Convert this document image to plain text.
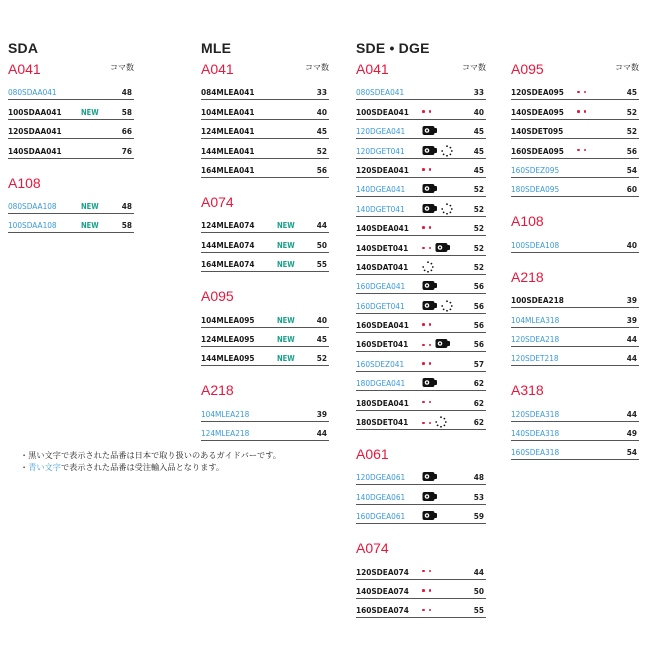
SDA
A041	コマ数
080SDAA041	48
100SDAA041	NEW	58
120SDAA041	66
140SDAA041	76
A108
080SDAA108	NEW	48
100SDAA108	NEW	58
MLE
A041	コマ数
084MLEA041	33
104MLEA041	40
124MLEA041	45
144MLEA041	52
164MLEA041	56
A074
124MLEA074	NEW	44
144MLEA074	NEW	50
164MLEA074	NEW	55
A095
104MLEA095	NEW	40
124MLEA095	NEW	45
144MLEA095	NEW	52
A218
104MLEA218	39
124MLEA218	44
SDE • DGE
A041	コマ数
080SDEA041	33
100SDEA041	40
120DGEA041	45
120DGET041	45
120SDEA041	45
140DGEA041	52
140DGET041	52
140SDEA041	52
140SDET041	52
140SDAT041	52
160DGEA041	56
160DGET041	56
160SDEA041	56
160SDET041	56
160SDEZ041	57
180DGEA041	62
180SDEA041	62
180SDET041	62
A061
120DGEA061	48
140DGEA061	53
160DGEA061	59
A074
120SDEA074	44
140SDEA074	50
160SDEA074	55
A095	コマ数
120SDEA095	45
140SDEA095	52
140SDET095	52
160SDEA095	56
160SDEZ095	54
180SDEA095	60
A108
100SDEA108	40
A218
100SDEA218	39
104MLEA318	39
120SDEA218	44
120SDET218	44
A318
120SDEA318	44
140SDEA318	49
160SDEA318	54
・黒い文字で表示された品番は日本で取り扱いのあるガイドバーです。
・青い文字で表示された品番は受注輸入品となります。
